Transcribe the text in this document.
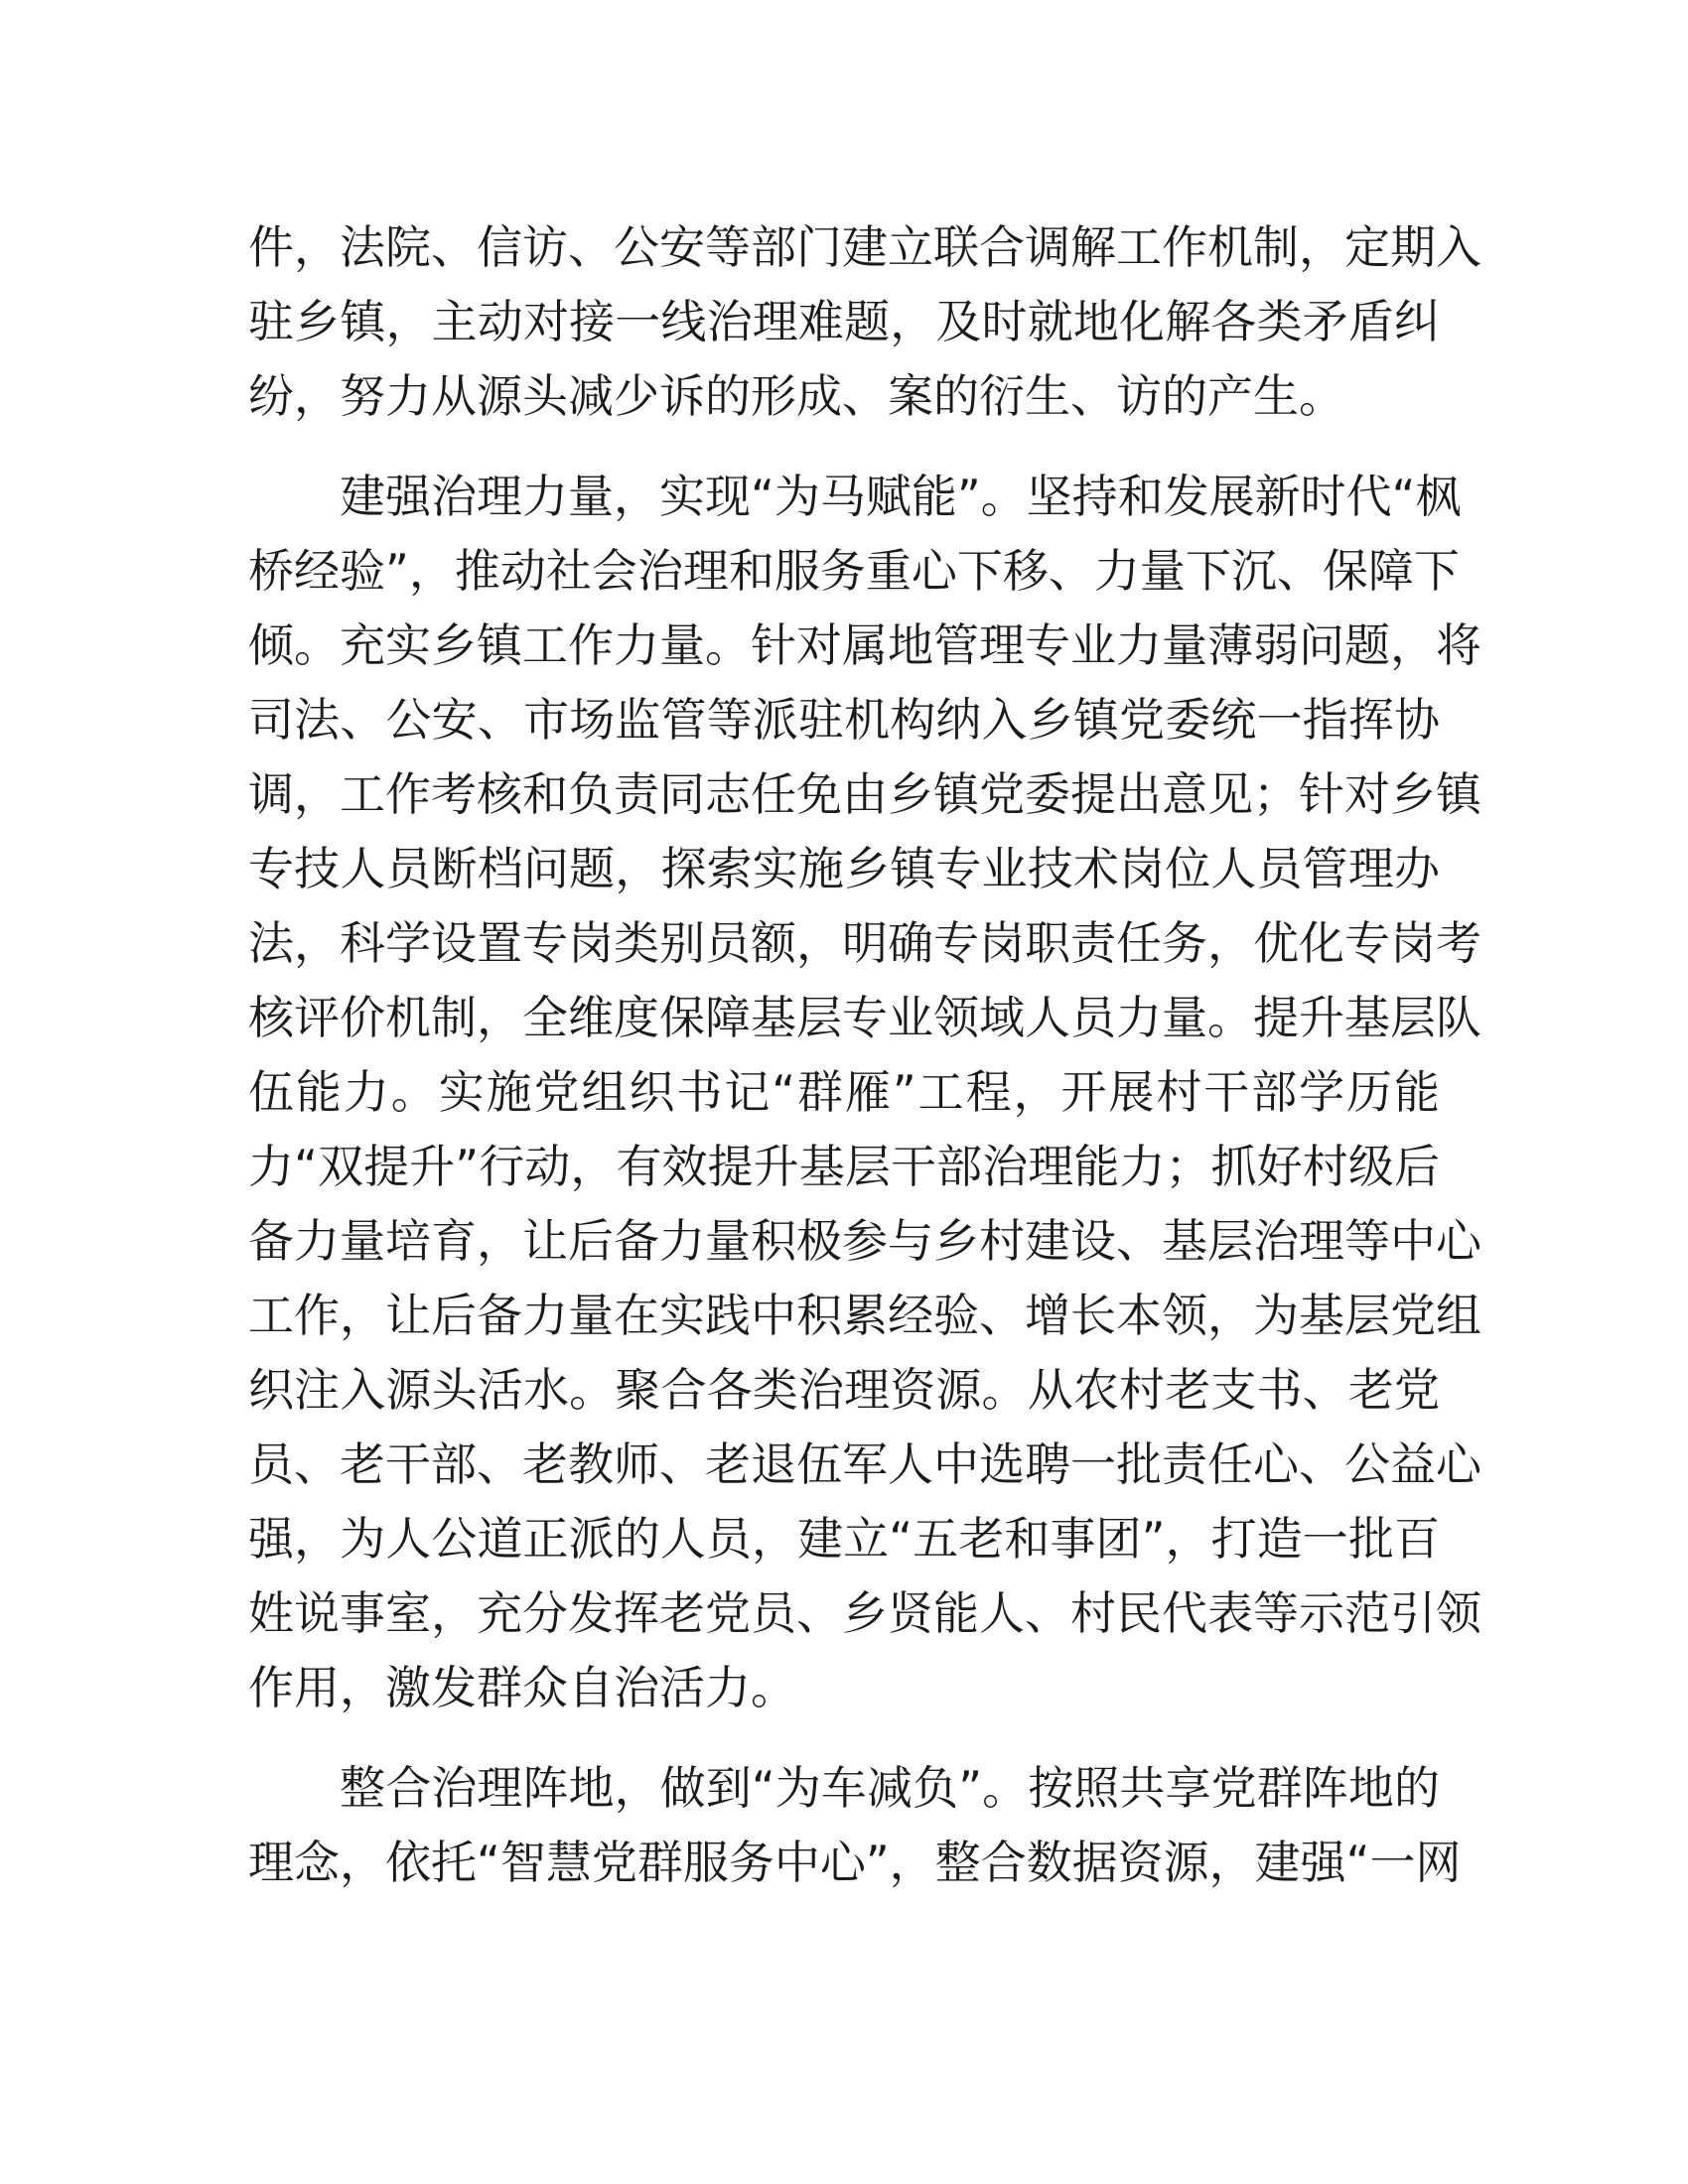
件，法院、信访、公安等部门建立联合调解工作机制，定期入
驻乡镇，主动对接一线治理难题，及时就地化解各类矛盾纠
纷，努力从源头减少诉的形成、案的衍生、访的产生。
建强治理力量，实现“为马赋能”。坚持和发展新时代“枫
桥经验”，推动社会治理和服务重心下移、力量下沉、保障下
倾。充实乡镇工作力量。针对属地管理专业力量薄弱问题，将
司法、公安、市场监管等派驻机构纳入乡镇党委统一指挥协
调，工作考核和负责同志任免由乡镇党委提出意见；针对乡镇
专技人员断档问题，探索实施乡镇专业技术岗位人员管理办
法，科学设置专岗类别员额，明确专岗职责任务，优化专岗考
核评价机制，全维度保障基层专业领域人员力量。提升基层队
伍能力。实施党组织书记“群雁”工程，开展村干部学历能
力“双提升”行动，有效提升基层干部治理能力；抓好村级后
备力量培育，让后备力量积极参与乡村建设、基层治理等中心
工作，让后备力量在实践中积累经验、增长本领，为基层党组
织注入源头活水。聚合各类治理资源。从农村老支书、老党
员、老干部、老教师、老退伍军人中选聘一批责任心、公益心
强，为人公道正派的人员，建立“五老和事团”，打造一批百
姓说事室，充分发挥老党员、乡贤能人、村民代表等示范引领
作用，激发群众自治活力。
整合治理阵地，做到“为车减负”。按照共享党群阵地的
理念，依托“智慧党群服务中心”，整合数据资源，建强“一网
